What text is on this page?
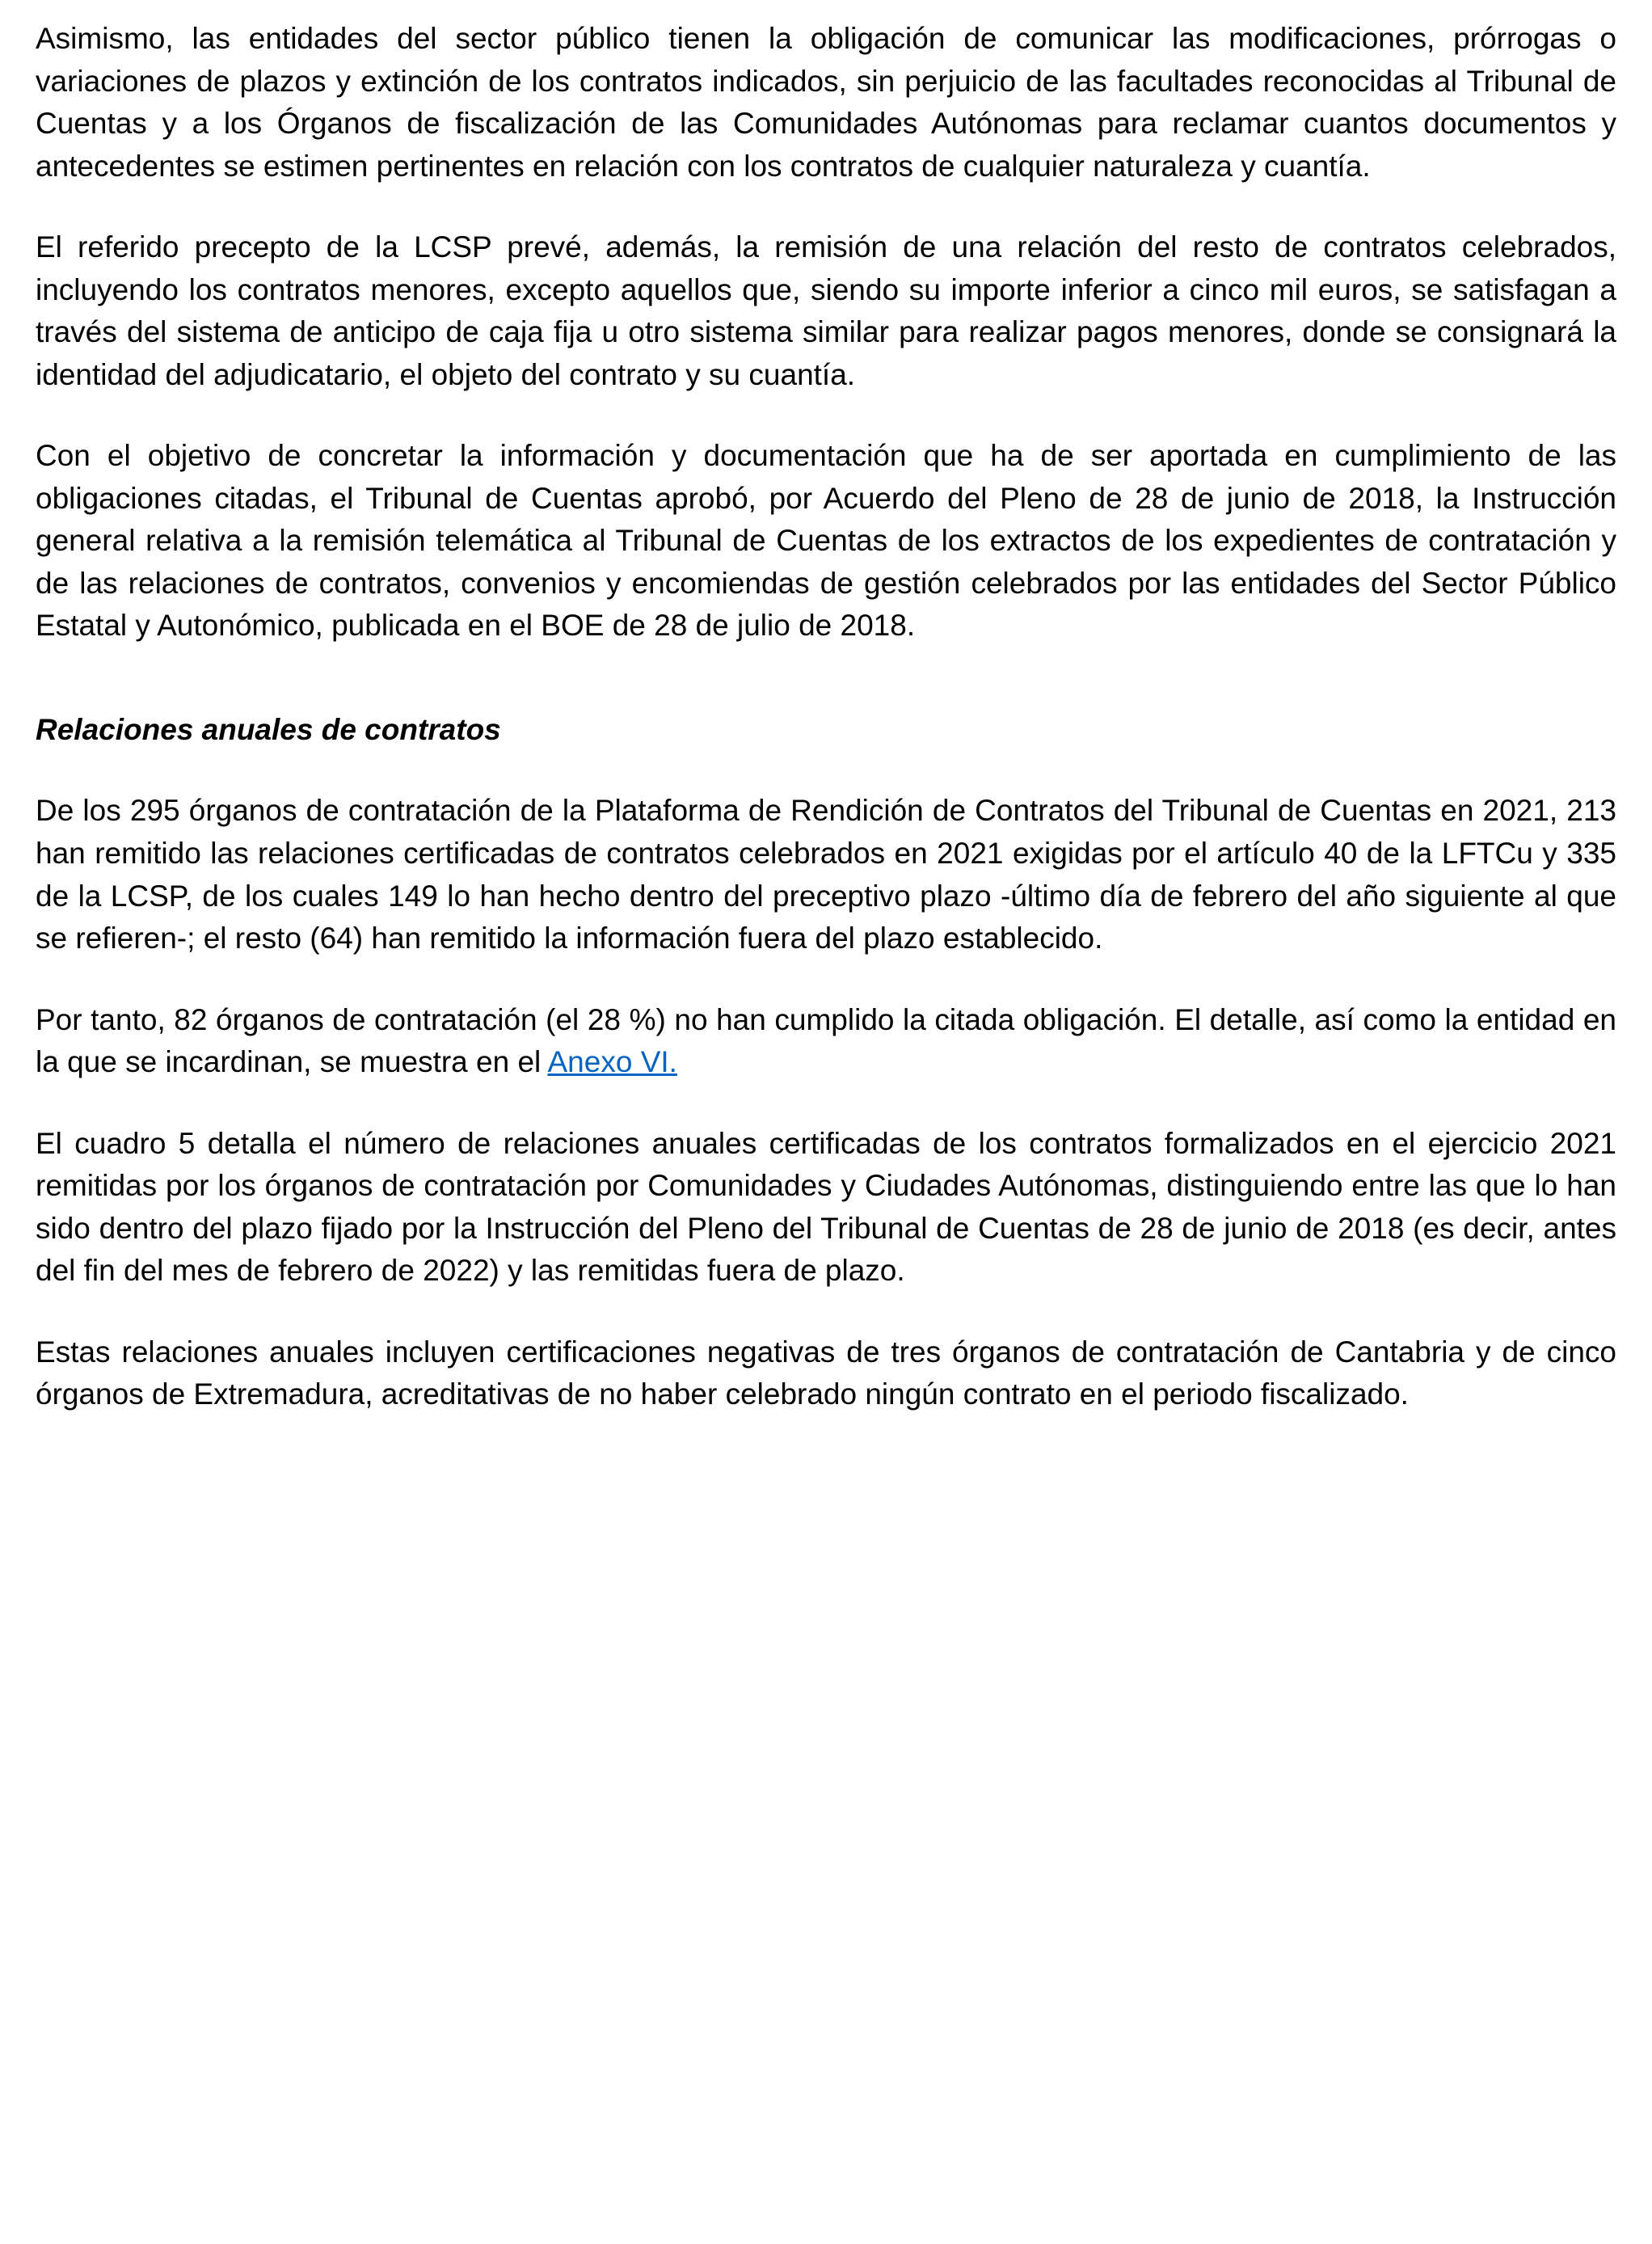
Asimismo, las entidades del sector público tienen la obligación de comunicar las modificaciones, prórrogas o variaciones de plazos y extinción de los contratos indicados, sin perjuicio de las facultades reconocidas al Tribunal de Cuentas y a los Órganos de fiscalización de las Comunidades Autónomas para reclamar cuantos documentos y antecedentes se estimen pertinentes en relación con los contratos de cualquier naturaleza y cuantía.

El referido precepto de la LCSP prevé, además, la remisión de una relación del resto de contratos celebrados, incluyendo los contratos menores, excepto aquellos que, siendo su importe inferior a cinco mil euros, se satisfagan a través del sistema de anticipo de caja fija u otro sistema similar para realizar pagos menores, donde se consignará la identidad del adjudicatario, el objeto del contrato y su cuantía.

Con el objetivo de concretar la información y documentación que ha de ser aportada en cumplimiento de las obligaciones citadas, el Tribunal de Cuentas aprobó, por Acuerdo del Pleno de 28 de junio de 2018, la Instrucción general relativa a la remisión telemática al Tribunal de Cuentas de los extractos de los expedientes de contratación y de las relaciones de contratos, convenios y encomiendas de gestión celebrados por las entidades del Sector Público Estatal y Autonómico, publicada en el BOE de 28 de julio de 2018.

Relaciones anuales de contratos

De los 295 órganos de contratación de la Plataforma de Rendición de Contratos del Tribunal de Cuentas en 2021, 213 han remitido las relaciones certificadas de contratos celebrados en 2021 exigidas por el artículo 40 de la LFTCu y 335 de la LCSP, de los cuales 149 lo han hecho dentro del preceptivo plazo -último día de febrero del año siguiente al que se refieren-; el resto (64) han remitido la información fuera del plazo establecido.

Por tanto, 82 órganos de contratación (el 28 %) no han cumplido la citada obligación. El detalle, así como la entidad en la que se incardinan, se muestra en el Anexo VI.

El cuadro 5 detalla el número de relaciones anuales certificadas de los contratos formalizados en el ejercicio 2021 remitidas por los órganos de contratación por Comunidades y Ciudades Autónomas, distinguiendo entre las que lo han sido dentro del plazo fijado por la Instrucción del Pleno del Tribunal de Cuentas de 28 de junio de 2018 (es decir, antes del fin del mes de febrero de 2022) y las remitidas fuera de plazo.

Estas relaciones anuales incluyen certificaciones negativas de tres órganos de contratación de Cantabria y de cinco órganos de Extremadura, acreditativas de no haber celebrado ningún contrato en el periodo fiscalizado.
